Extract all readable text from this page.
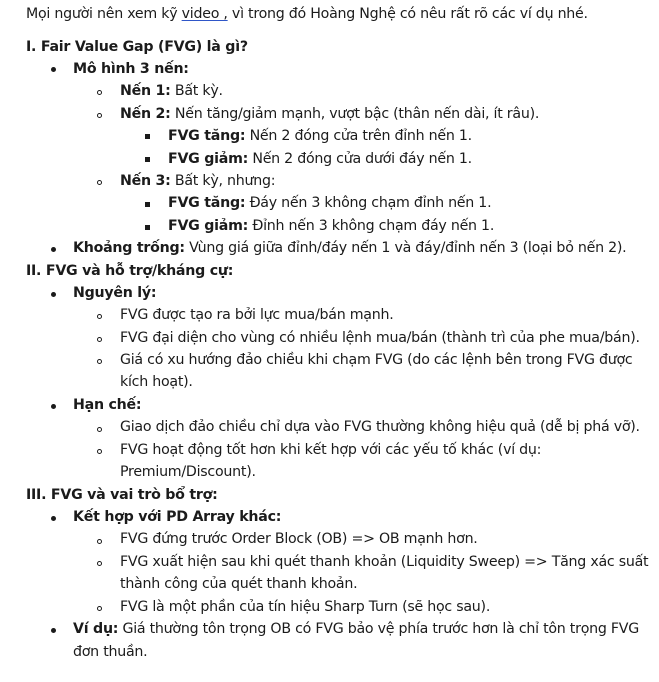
Mọi người nên xem kỹ video , vì trong đó Hoàng Nghệ có nêu rất rõ các ví dụ nhé.
I. Fair Value Gap (FVG) là gì?
Mô hình 3 nến:
Nến 1: Bất kỳ.
Nến 2: Nến tăng/giảm mạnh, vượt bậc (thân nến dài, ít râu).
FVG tăng: Nến 2 đóng cửa trên đỉnh nến 1.
FVG giảm: Nến 2 đóng cửa dưới đáy nến 1.
Nến 3: Bất kỳ, nhưng:
FVG tăng: Đáy nến 3 không chạm đỉnh nến 1.
FVG giảm: Đỉnh nến 3 không chạm đáy nến 1.
Khoảng trống: Vùng giá giữa đỉnh/đáy nến 1 và đáy/đỉnh nến 3 (loại bỏ nến 2).
II. FVG và hỗ trợ/kháng cự:
Nguyên lý:
FVG được tạo ra bởi lực mua/bán mạnh.
FVG đại diện cho vùng có nhiều lệnh mua/bán (thành trì của phe mua/bán).
Giá có xu hướng đảo chiều khi chạm FVG (do các lệnh bên trong FVG được
kích hoạt).
Hạn chế:
Giao dịch đảo chiều chỉ dựa vào FVG thường không hiệu quả (dễ bị phá vỡ).
FVG hoạt động tốt hơn khi kết hợp với các yếu tố khác (ví dụ:
Premium/Discount).
III. FVG và vai trò bổ trợ:
Kết hợp với PD Array khác:
FVG đứng trước Order Block (OB) => OB mạnh hơn.
FVG xuất hiện sau khi quét thanh khoản (Liquidity Sweep) => Tăng xác suất
thành công của quét thanh khoản.
FVG là một phần của tín hiệu Sharp Turn (sẽ học sau).
Ví dụ: Giá thường tôn trọng OB có FVG bảo vệ phía trước hơn là chỉ tôn trọng FVG
đơn thuần.
